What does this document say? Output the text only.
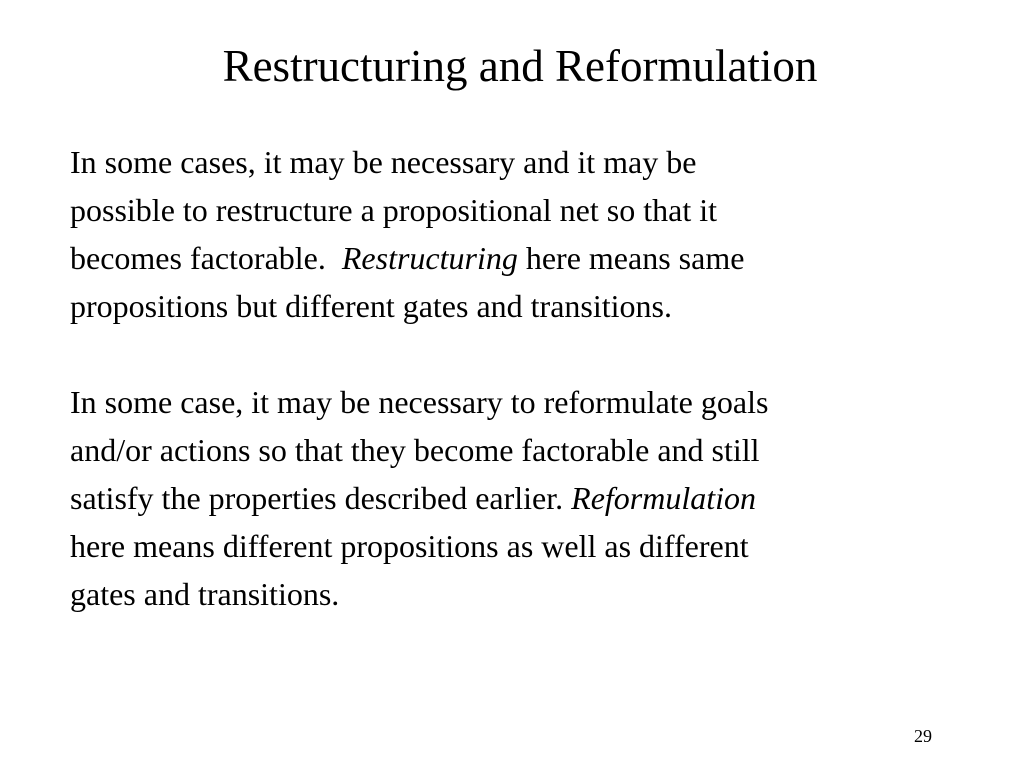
Restructuring and Reformulation

In some cases, it may be necessary and it may be
possible to restructure a propositional net so that it
becomes factorable.  Restructuring here means same
propositions but different gates and transitions.

In some case, it may be necessary to reformulate goals
and/or actions so that they become factorable and still
satisfy the properties described earlier. Reformulation
here means different propositions as well as different
gates and transitions.

29
